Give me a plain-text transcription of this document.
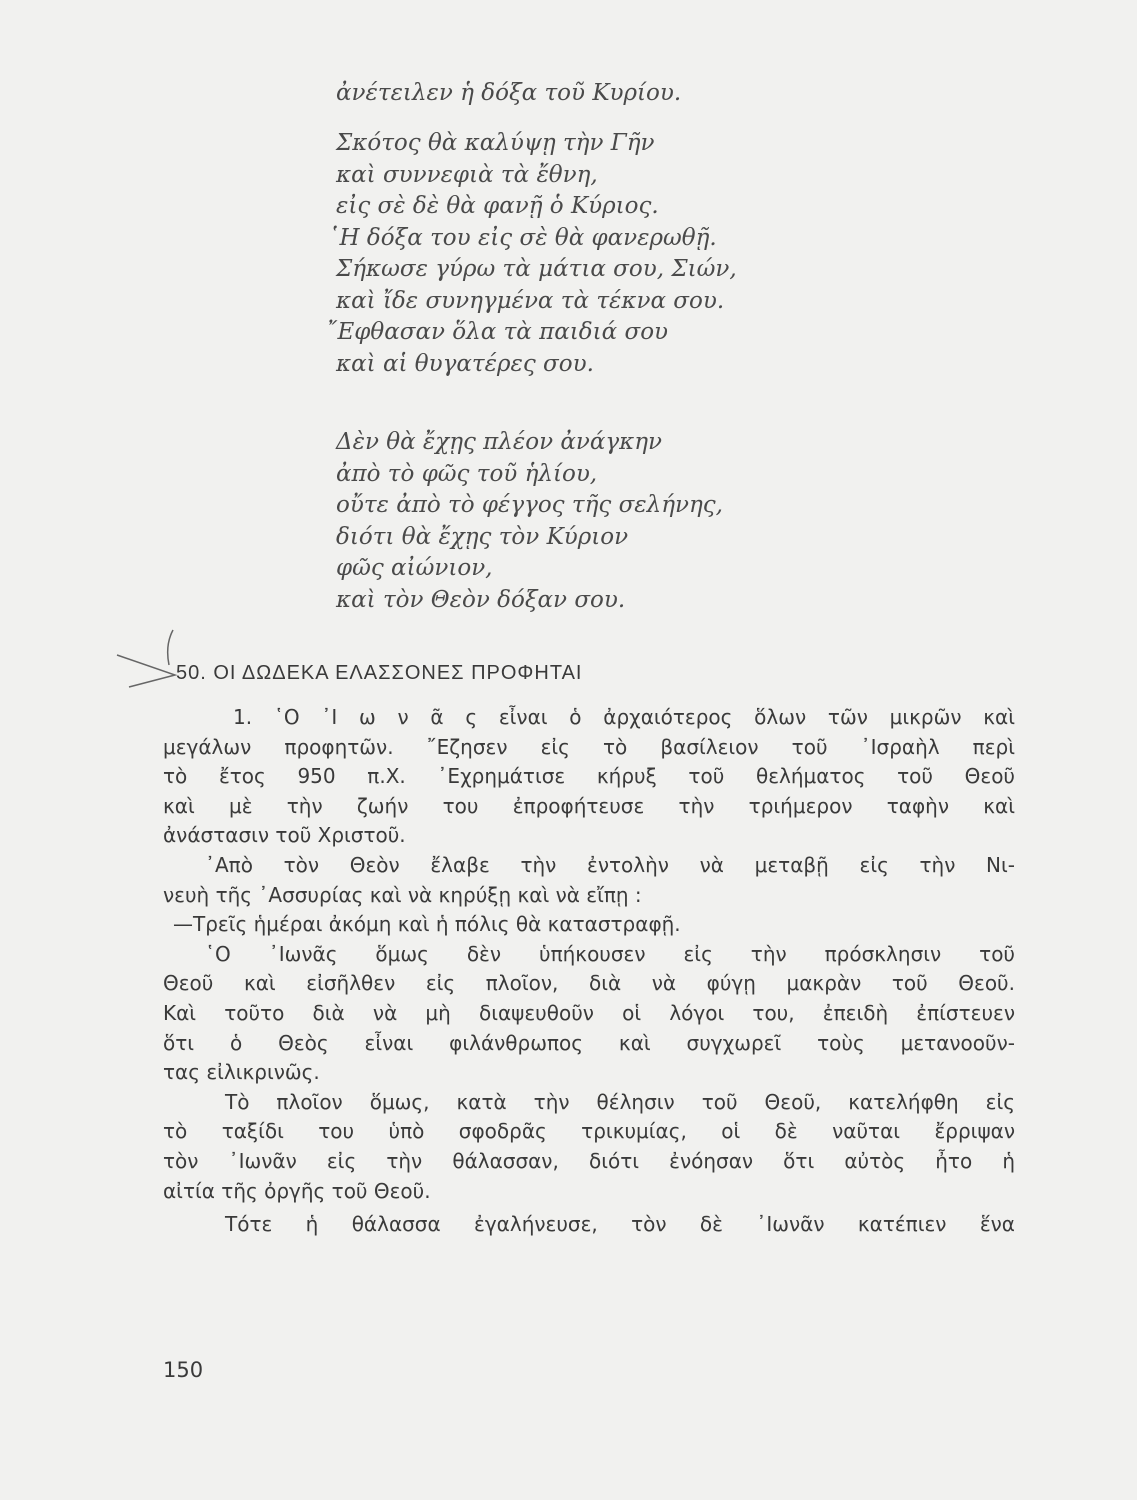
ἀνέτειλεν ἡ δόξα τοῦ Κυρίου.
Σκότος θὰ καλύψῃ τὴν Γῆν
καὶ συννεφιὰ τὰ ἔθνη,
εἰς σὲ δὲ θὰ φανῇ ὁ Κύριος.
῾Η δόξα του εἰς σὲ θὰ φανερωθῇ.
Σήκωσε γύρω τὰ μάτια σου, Σιών,
καὶ ἴδε συνηγμένα τὰ τέκνα σου.
῎Εφθασαν ὅλα τὰ παιδιά σου
καὶ αἱ θυγατέρες σου.
Δὲν θὰ ἔχῃς πλέον ἀνάγκην
ἀπὸ τὸ φῶς τοῦ ἡλίου,
οὔτε ἀπὸ τὸ φέγγος τῆς σελήνης,
διότι θὰ ἔχῃς τὸν Κύριον
φῶς αἰώνιον,
καὶ τὸν Θεὸν δόξαν σου.
50. ΟΙ ΔΩΔΕΚΑ ΕΛΑΣΣΟΝΕΣ ΠΡΟΦΗΤΑΙ
1. ῾Ο ᾿Ι ω ν ᾶ ς εἶναι ὁ ἀρχαιότερος ὅλων τῶν μικρῶν καὶ
μεγάλων προφητῶν. ῎Εζησεν εἰς τὸ βασίλειον τοῦ ᾿Ισραὴλ περὶ
τὸ ἔτος 950 π.Χ. ᾿Εχρημάτισε κήρυξ τοῦ θελήματος τοῦ Θεοῦ
καὶ μὲ τὴν ζωήν του ἐπροφήτευσε τὴν τριήμερον ταφὴν καὶ
ἀνάστασιν τοῦ Χριστοῦ.
᾿Απὸ τὸν Θεὸν ἔλαβε τὴν ἐντολὴν νὰ μεταβῇ εἰς τὴν Νι-
νευὴ τῆς ᾿Ασσυρίας καὶ νὰ κηρύξῃ καὶ νὰ εἴπῃ :
—Τρεῖς ἡμέραι ἀκόμη καὶ ἡ πόλις θὰ καταστραφῇ.
῾Ο ᾿Ιωνᾶς ὅμως δὲν ὑπήκουσεν εἰς τὴν πρόσκλησιν τοῦ
Θεοῦ καὶ εἰσῆλθεν εἰς πλοῖον, διὰ νὰ φύγῃ μακρὰν τοῦ Θεοῦ.
Καὶ τοῦτο διὰ νὰ μὴ διαψευθοῦν οἱ λόγοι του, ἐπειδὴ ἐπίστευεν
ὅτι ὁ Θεὸς εἶναι φιλάνθρωπος καὶ συγχωρεῖ τοὺς μετανοοῦν-
τας εἰλικρινῶς.
Τὸ πλοῖον ὅμως, κατὰ τὴν θέλησιν τοῦ Θεοῦ, κατελήφθη εἰς
τὸ ταξίδι του ὑπὸ σφοδρᾶς τρικυμίας, οἱ δὲ ναῦται ἔρριψαν
τὸν ᾿Ιωνᾶν εἰς τὴν θάλασσαν, διότι ἐνόησαν ὅτι αὐτὸς ἦτο ἡ
αἰτία τῆς ὀργῆς τοῦ Θεοῦ.
Τότε ἡ θάλασσα ἐγαλήνευσε, τὸν δὲ ᾿Ιωνᾶν κατέπιεν ἕνα
150
